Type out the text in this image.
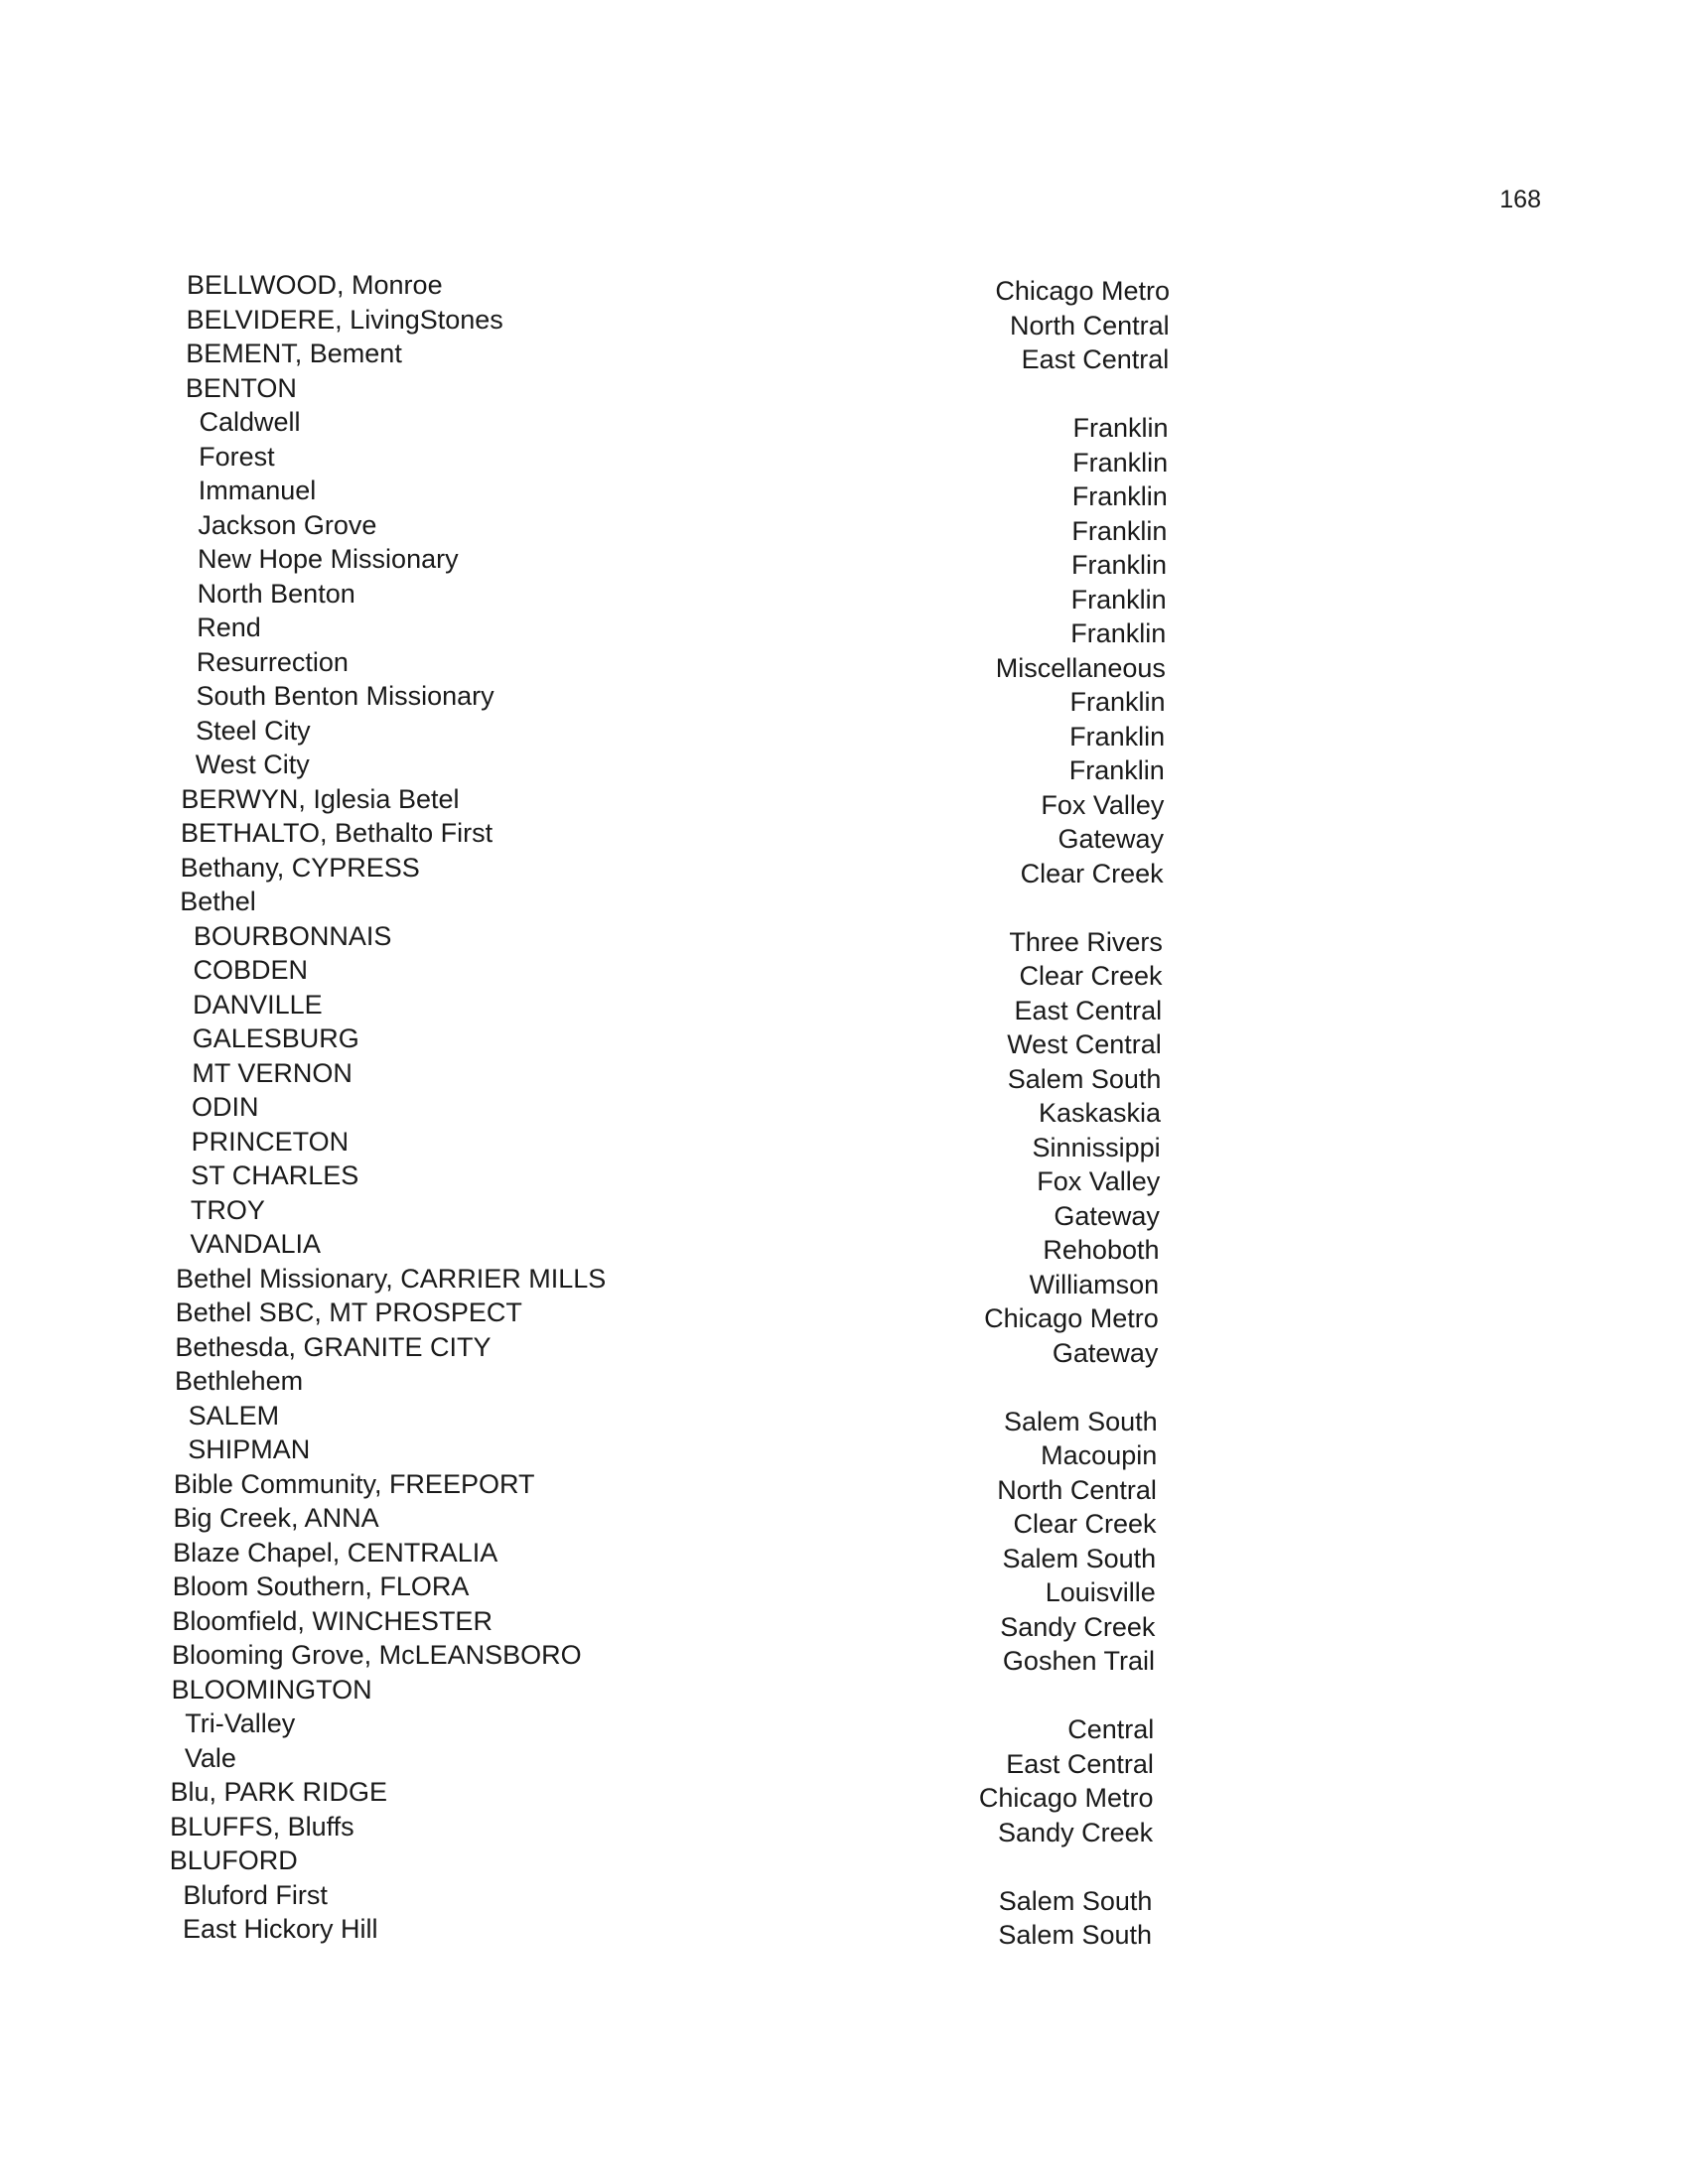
168
BELLWOOD, Monroe	Chicago Metro
BELVIDERE, LivingStones	North Central
BEMENT, Bement	East Central
BENTON
Caldwell	Franklin
Forest	Franklin
Immanuel	Franklin
Jackson Grove	Franklin
New Hope Missionary	Franklin
North Benton	Franklin
Rend	Franklin
Resurrection	Miscellaneous
South Benton Missionary	Franklin
Steel City	Franklin
West City	Franklin
BERWYN, Iglesia Betel	Fox Valley
BETHALTO, Bethalto First	Gateway
Bethany, CYPRESS	Clear Creek
Bethel
BOURBONNAIS	Three Rivers
COBDEN	Clear Creek
DANVILLE	East Central
GALESBURG	West Central
MT VERNON	Salem South
ODIN	Kaskaskia
PRINCETON	Sinnissippi
ST CHARLES	Fox Valley
TROY	Gateway
VANDALIA	Rehoboth
Bethel Missionary, CARRIER MILLS	Williamson
Bethel SBC, MT PROSPECT	Chicago Metro
Bethesda, GRANITE CITY	Gateway
Bethlehem
SALEM	Salem South
SHIPMAN	Macoupin
Bible Community, FREEPORT	North Central
Big Creek, ANNA	Clear Creek
Blaze Chapel, CENTRALIA	Salem South
Bloom Southern, FLORA	Louisville
Bloomfield, WINCHESTER	Sandy Creek
Blooming Grove, McLEANSBORO	Goshen Trail
BLOOMINGTON
Tri-Valley	Central
Vale	East Central
Blu, PARK RIDGE	Chicago Metro
BLUFFS, Bluffs	Sandy Creek
BLUFORD
Bluford First	Salem South
East Hickory Hill	Salem South
